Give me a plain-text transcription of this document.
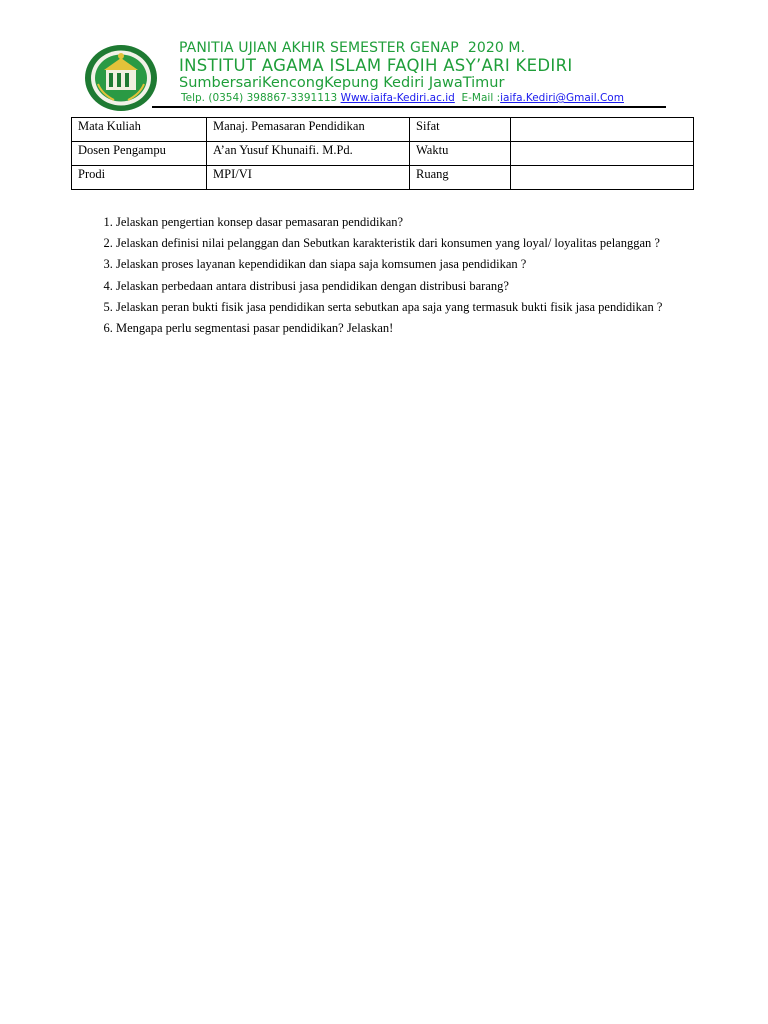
PANITIA UJIAN AKHIR SEMESTER GENAP  2020 M.
INSTITUT AGAMA ISLAM FAQIH ASY’ARI KEDIRI
SumbersariKencongKepung Kediri JawaTimur
Telp. (0354) 398867-3391113 Www.iaifa-Kediri.ac.id  E-Mail :iaifa.Kediri@Gmail.Com
Mata Kuliah	Manaj. Pemasaran Pendidikan	Sifat	
Dosen Pengampu	A’an Yusuf Khunaifi. M.Pd.	Waktu	
Prodi	MPI/VI	Ruang	
1. Jelaskan pengertian konsep dasar pemasaran pendidikan?
2. Jelaskan definisi nilai pelanggan dan Sebutkan karakteristik dari konsumen yang loyal/ loyalitas pelanggan ?
3. Jelaskan proses layanan kependidikan dan siapa saja komsumen jasa pendidikan ?
4. Jelaskan perbedaan antara distribusi jasa pendidikan dengan distribusi barang?
5. Jelaskan peran bukti fisik jasa pendidikan serta sebutkan apa saja yang termasuk bukti fisik jasa pendidikan ?
6. Mengapa perlu segmentasi pasar pendidikan? Jelaskan!
